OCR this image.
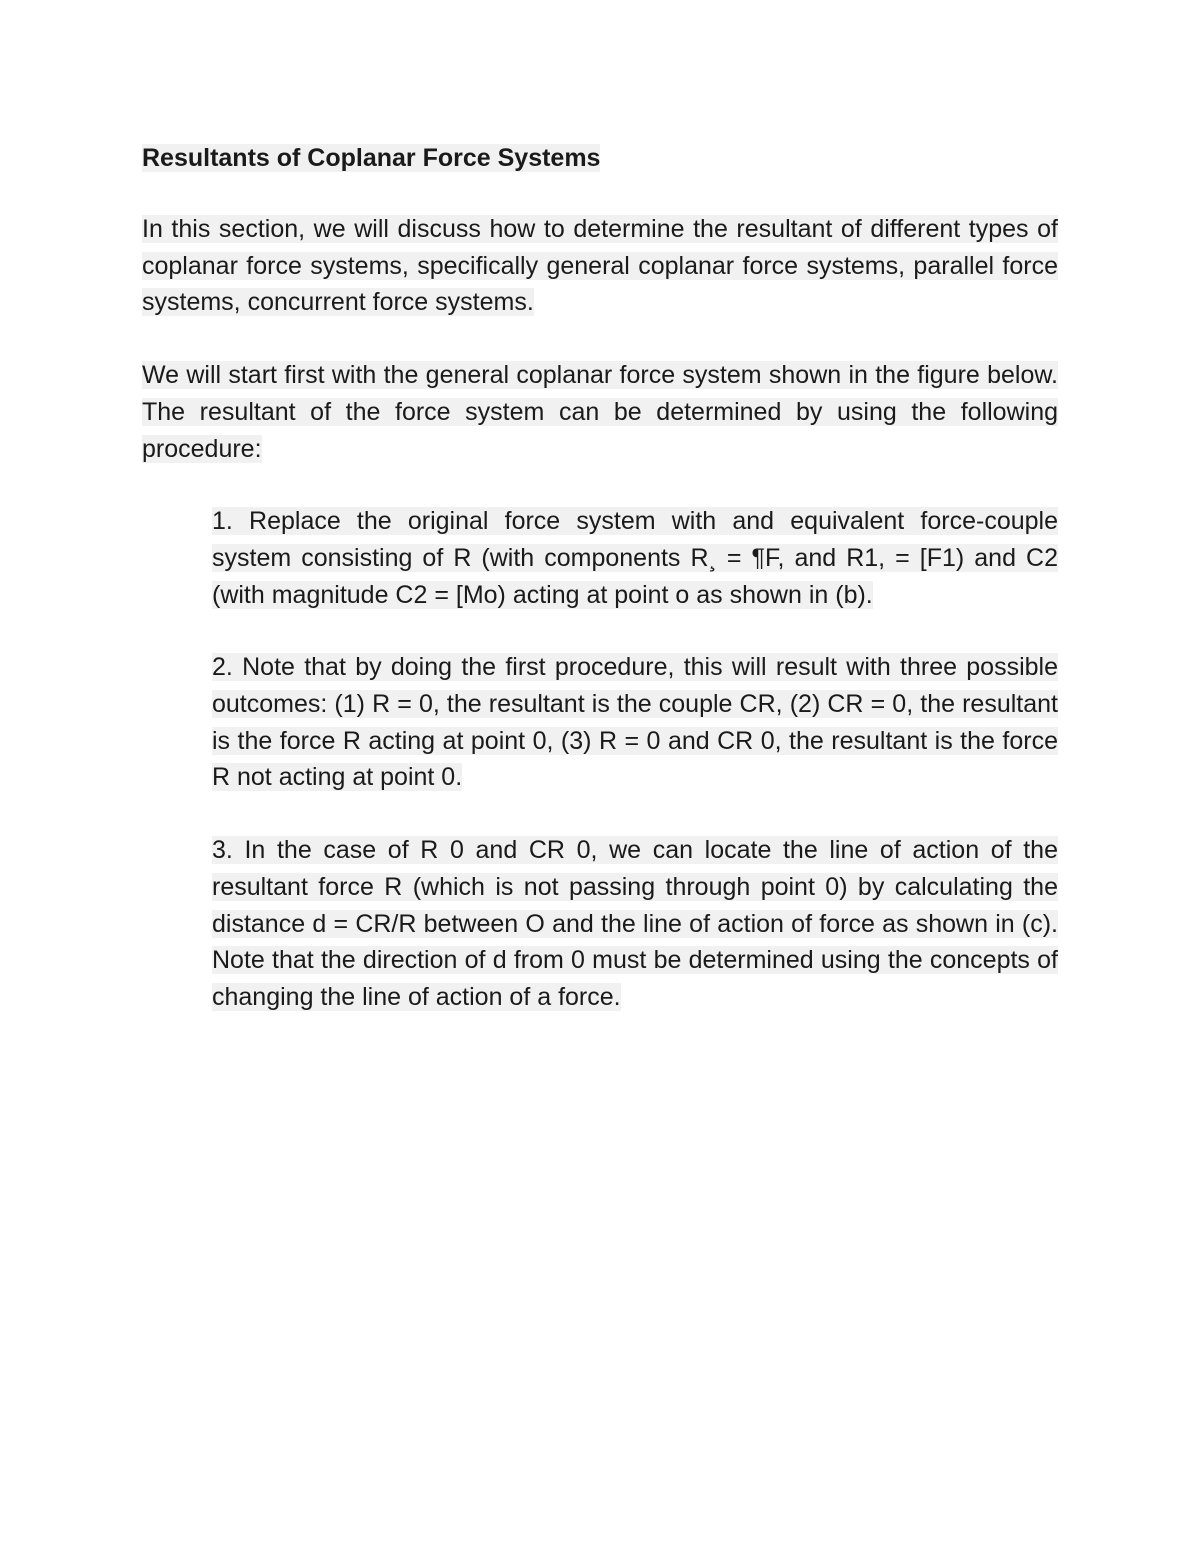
Resultants of Coplanar Force Systems

In this section, we will discuss how to determine the resultant of different types of coplanar force systems, specifically general coplanar force systems, parallel force systems, concurrent force systems.

We will start first with the general coplanar force system shown in the figure below. The resultant of the force system can be determined by using the following procedure:

1. Replace the original force system with and equivalent force-couple system consisting of R (with components R¸ = ¶F, and R1, = [F1) and C2 (with magnitude C2 = [Mo) acting at point o as shown in (b).

2. Note that by doing the first procedure, this will result with three possible outcomes: (1) R = 0, the resultant is the couple CR, (2) CR = 0, the resultant is the force R acting at point 0, (3) R = 0 and CR 0, the resultant is the force R not acting at point 0.

3. In the case of R 0 and CR 0, we can locate the line of action of the resultant force R (which is not passing through point 0) by calculating the distance d = CR/R between O and the line of action of force as shown in (c). Note that the direction of d from 0 must be determined using the concepts of changing the line of action of a force.
